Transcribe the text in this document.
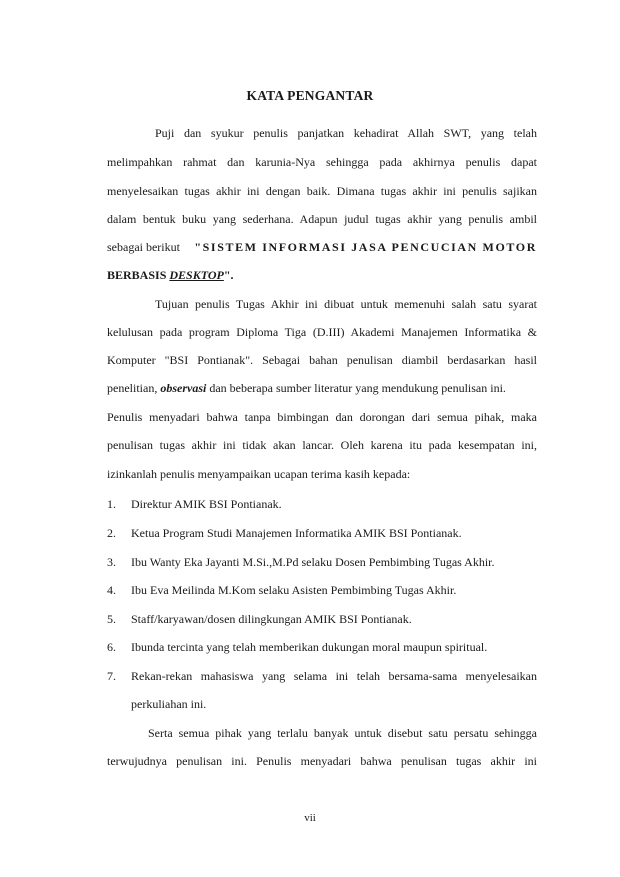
KATA PENGANTAR
Puji dan syukur penulis panjatkan kehadirat Allah SWT, yang telah
melimpahkan rahmat dan karunia-Nya sehingga pada akhirnya penulis dapat
menyelesaikan tugas akhir ini dengan baik. Dimana tugas akhir ini penulis sajikan
dalam bentuk buku yang sederhana. Adapun judul tugas akhir yang penulis ambil
sebagai berikut "SISTEM INFORMASI JASA PENCUCIAN MOTOR
BERBASIS DESKTOP".
Tujuan penulis Tugas Akhir ini dibuat untuk memenuhi salah satu syarat
kelulusan pada program Diploma Tiga (D.III) Akademi Manajemen Informatika &
Komputer "BSI Pontianak". Sebagai bahan penulisan diambil berdasarkan hasil
penelitian, observasi dan beberapa sumber literatur yang mendukung penulisan ini.
Penulis menyadari bahwa tanpa bimbingan dan dorongan dari semua pihak, maka
penulisan tugas akhir ini tidak akan lancar. Oleh karena itu pada kesempatan ini,
izinkanlah penulis menyampaikan ucapan terima kasih kepada:
1. Direktur AMIK BSI Pontianak.
2. Ketua Program Studi Manajemen Informatika AMIK BSI Pontianak.
3. Ibu Wanty Eka Jayanti M.Si.,M.Pd selaku Dosen Pembimbing Tugas Akhir.
4. Ibu Eva Meilinda M.Kom selaku Asisten Pembimbing Tugas Akhir.
5. Staff/karyawan/dosen dilingkungan AMIK BSI Pontianak.
6. Ibunda tercinta yang telah memberikan dukungan moral maupun spiritual.
7.	Rekan-rekan mahasiswa yang selama ini telah bersama-sama menyelesaikan
perkuliahan ini.
Serta semua pihak yang terlalu banyak untuk disebut satu persatu sehingga
terwujudnya penulisan ini. Penulis menyadari bahwa penulisan tugas akhir ini
vii
